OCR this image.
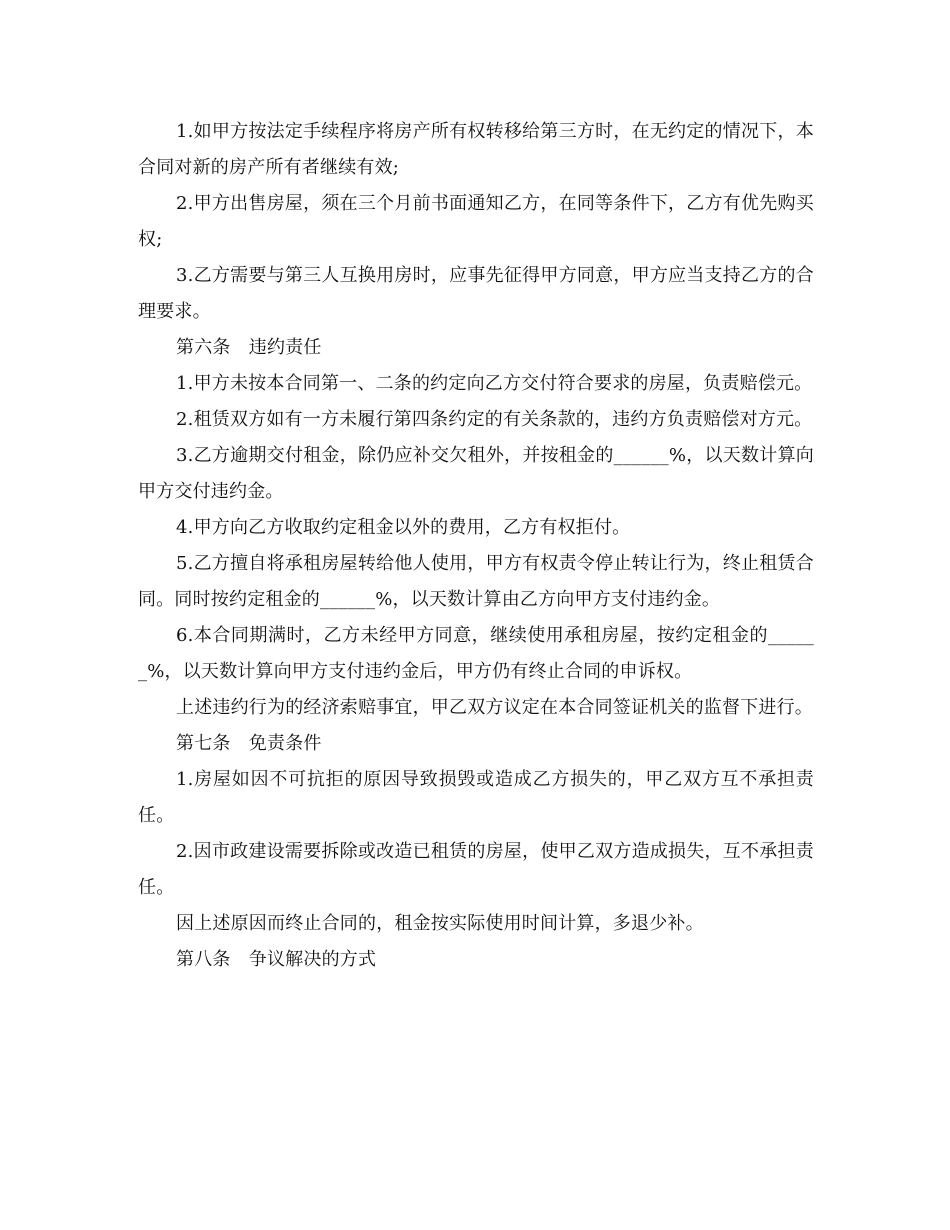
1.如甲方按法定手续程序将房产所有权转移给第三方时，在无约定的情况下，本合同对新的房产所有者继续有效;

2.甲方出售房屋，须在三个月前书面通知乙方，在同等条件下，乙方有优先购买权;

3.乙方需要与第三人互换用房时，应事先征得甲方同意，甲方应当支持乙方的合理要求。

第六条　违约责任

1.甲方未按本合同第一、二条的约定向乙方交付符合要求的房屋，负责赔偿元。

2.租赁双方如有一方未履行第四条约定的有关条款的，违约方负责赔偿对方元。

3.乙方逾期交付租金，除仍应补交欠租外，并按租金的______%，以天数计算向甲方交付违约金。

4.甲方向乙方收取约定租金以外的费用，乙方有权拒付。

5.乙方擅自将承租房屋转给他人使用，甲方有权责令停止转让行为，终止租赁合同。同时按约定租金的______%，以天数计算由乙方向甲方支付违约金。

6.本合同期满时，乙方未经甲方同意，继续使用承租房屋，按约定租金的______%，以天数计算向甲方支付违约金后，甲方仍有终止合同的申诉权。

上述违约行为的经济索赔事宜，甲乙双方议定在本合同签证机关的监督下进行。

第七条　免责条件

1.房屋如因不可抗拒的原因导致损毁或造成乙方损失的，甲乙双方互不承担责任。

2.因市政建设需要拆除或改造已租赁的房屋，使甲乙双方造成损失，互不承担责任。

因上述原因而终止合同的，租金按实际使用时间计算，多退少补。

第八条　争议解决的方式
